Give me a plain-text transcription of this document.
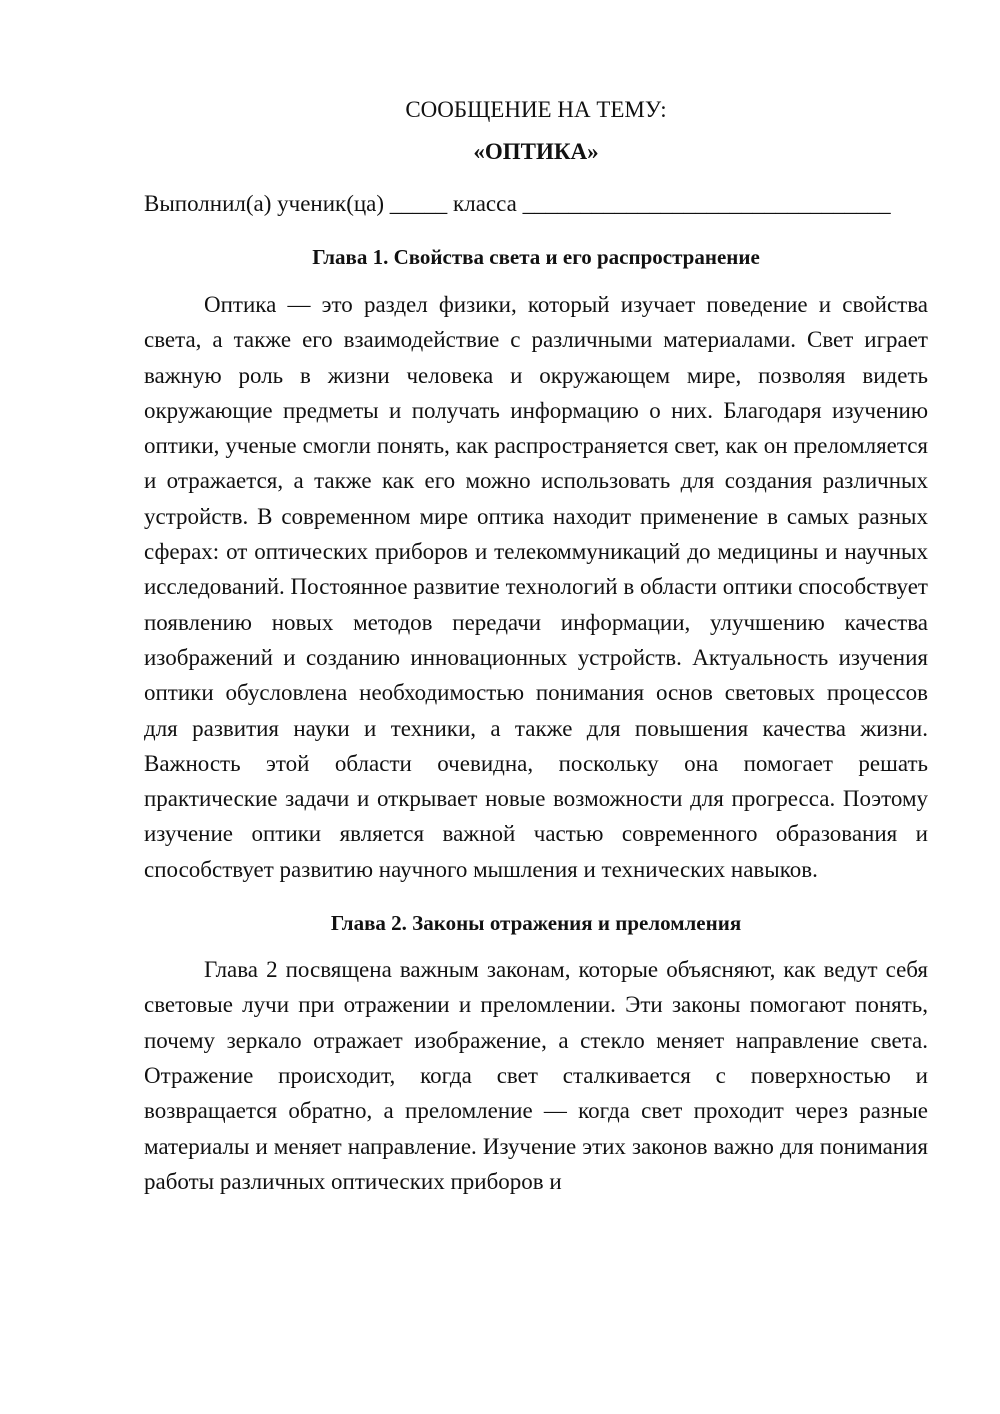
СООБЩЕНИЕ НА ТЕМУ:
«ОПТИКА»
Выполнил(а) ученик(ца) _____ класса ________________________________
Глава 1. Свойства света и его распространение

Оптика — это раздел физики, который изучает поведение и свойства света, а также его взаимодействие с различными материалами. Свет играет важную роль в жизни человека и окружающем мире, позволяя видеть окружающие предметы и получать информацию о них. Благодаря изучению оптики, ученые смогли понять, как распространяется свет, как он преломляется и отражается, а также как его можно использовать для создания различных устройств. В современном мире оптика находит применение в самых разных сферах: от оптических приборов и телекоммуникаций до медицины и научных исследований. Постоянное развитие технологий в области оптики способствует появлению новых методов передачи информации, улучшению качества изображений и созданию инновационных устройств. Актуальность изучения оптики обусловлена необходимостью понимания основ световых процессов для развития науки и техники, а также для повышения качества жизни. Важность этой области очевидна, поскольку она помогает решать практические задачи и открывает новые возможности для прогресса. Поэтому изучение оптики является важной частью современного образования и способствует развитию научного мышления и технических навыков.

Глава 2. Законы отражения и преломления

Глава 2 посвящена важным законам, которые объясняют, как ведут себя световые лучи при отражении и преломлении. Эти законы помогают понять, почему зеркало отражает изображение, а стекло меняет направление света. Отражение происходит, когда свет сталкивается с поверхностью и возвращается обратно, а преломление — когда свет проходит через разные материалы и меняет направление. Изучение этих законов важно для понимания работы различных оптических приборов и
